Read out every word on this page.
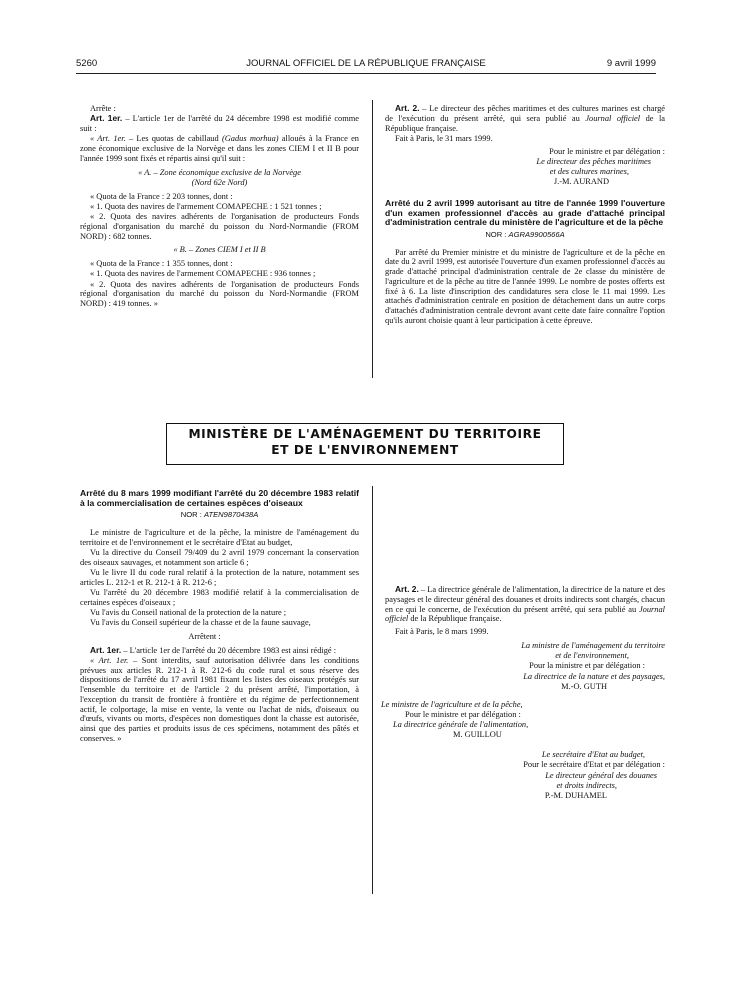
5260	JOURNAL OFFICIEL DE LA RÉPUBLIQUE FRANÇAISE	9 avril 1999

Arrête :

Art. 1er. – L'article 1er de l'arrêté du 24 décembre 1998 est modifié comme suit :

« Art. 1er. – Les quotas de cabillaud (Gadus morhua) alloués à la France en zone économique exclusive de la Norvège et dans les zones CIEM I et II B pour l'année 1999 sont fixés et répartis ainsi qu'il suit :

« A. – Zone économique exclusive de la Norvège

(Nord 62e Nord)

« Quota de la France : 2 203 tonnes, dont :

« 1. Quota des navires de l'armement COMAPECHE : 1 521 tonnes ;

« 2. Quota des navires adhérents de l'organisation de producteurs Fonds régional d'organisation du marché du poisson du Nord-Normandie (FROM NORD) : 682 tonnes.

« B. – Zones CIEM I et II B

« Quota de la France : 1 355 tonnes, dont :

« 1. Quota des navires de l'armement COMAPECHE : 936 tonnes ;

« 2. Quota des navires adhérents de l'organisation de producteurs Fonds régional d'organisation du marché du poisson du Nord-Normandie (FROM NORD) : 419 tonnes. »

Art. 2. – Le directeur des pêches maritimes et des cultures marines est chargé de l'exécution du présent arrêté, qui sera publié au Journal officiel de la République française.

Fait à Paris, le 31 mars 1999.

Pour le ministre et par délégation :

Le directeur des pêches maritimes

et des cultures marines,

J.-M. AURAND

Arrêté du 2 avril 1999 autorisant au titre de l'année 1999 l'ouverture d'un examen professionnel d'accès au grade d'attaché principal d'administration centrale du ministère de l'agriculture et de la pêche

NOR : AGRA9900566A

Par arrêté du Premier ministre et du ministre de l'agriculture et de la pêche en date du 2 avril 1999, est autorisée l'ouverture d'un examen professionnel d'accès au grade d'attaché principal d'administration centrale de 2e classe du ministère de l'agriculture et de la pêche au titre de l'année 1999. Le nombre de postes offerts est fixé à 6. La liste d'inscription des candidatures sera close le 11 mai 1999. Les attachés d'administration centrale en position de détachement dans un autre corps d'attachés d'administration centrale devront avant cette date faire connaître l'option qu'ils auront choisie quant à leur participation à cette épreuve.

MINISTÈRE DE L'AMÉNAGEMENT DU TERRITOIRE
ET DE L'ENVIRONNEMENT

Arrêté du 8 mars 1999 modifiant l'arrêté du 20 décembre 1983 relatif à la commercialisation de certaines espèces d'oiseaux

NOR : ATEN9870438A

Le ministre de l'agriculture et de la pêche, la ministre de l'aménagement du territoire et de l'environnement et le secrétaire d'Etat au budget,

Vu la directive du Conseil 79/409 du 2 avril 1979 concernant la conservation des oiseaux sauvages, et notamment son article 6 ;

Vu le livre II du code rural relatif à la protection de la nature, notamment ses articles L. 212-1 et R. 212-1 à R. 212-6 ;

Vu l'arrêté du 20 décembre 1983 modifié relatif à la commercialisation de certaines espèces d'oiseaux ;

Vu l'avis du Conseil national de la protection de la nature ;

Vu l'avis du Conseil supérieur de la chasse et de la faune sauvage,

Arrêtent :

Art. 1er. – L'article 1er de l'arrêté du 20 décembre 1983 est ainsi rédigé :

« Art. 1er. – Sont interdits, sauf autorisation délivrée dans les conditions prévues aux articles R. 212-1 à R. 212-6 du code rural et sous réserve des dispositions de l'arrêté du 17 avril 1981 fixant les listes des oiseaux protégés sur l'ensemble du territoire et de l'article 2 du présent arrêté, l'importation, à l'exception du transit de frontière à frontière et du régime de perfectionnement actif, le colportage, la mise en vente, la vente ou l'achat de nids, d'oiseaux ou d'œufs, vivants ou morts, d'espèces non domestiques dont la chasse est autorisée, ainsi que des parties et produits issus de ces spécimens, notamment des pâtés et conserves. »

Art. 2. – La directrice générale de l'alimentation, la directrice de la nature et des paysages et le directeur général des douanes et droits indirects sont chargés, chacun en ce qui le concerne, de l'exécution du présent arrêté, qui sera publié au Journal officiel de la République française.

Fait à Paris, le 8 mars 1999.

La ministre de l'aménagement du territoire

et de l'environnement,

Pour la ministre et par délégation :

La directrice de la nature et des paysages,

M.-O. GUTH

Le ministre de l'agriculture et de la pêche,

Pour le ministre et par délégation :

La directrice générale de l'alimentation,

M. GUILLOU

Le secrétaire d'Etat au budget,

Pour le secrétaire d'Etat et par délégation :

Le directeur général des douanes

et droits indirects,

P.-M. DUHAMEL
